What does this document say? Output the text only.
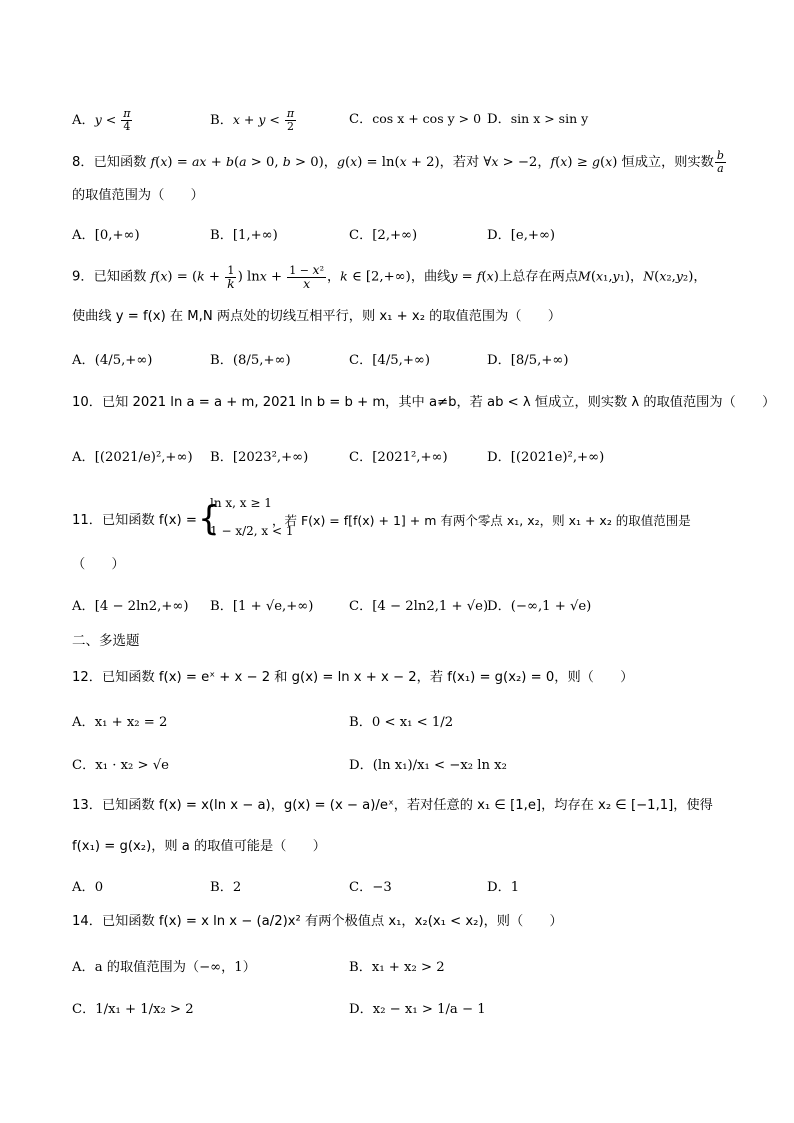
A．$y < \frac{\pi}{4}$	B．$x + y < \frac{\pi}{2}$	C．cos x + cos y > 0 D．sin x > sin y
8．已知函数 f(x) = ax + b(a > 0, b > 0)，g(x) = ln(x + 2)，若对 ∀x > −2，f(x) ≥ g(x) 恒成立，则实数 $\frac{b}{a}$
的取值范围为（　　）
A．[0,+∞)	B．[1,+∞)	C．[2,+∞)	D．[e,+∞)
9．已知函数 $f(x) = (k + \frac{1}{k}$ ) $\ln x + \frac{\text{1 − x²}}{x}$ ，k ∈ [2,+∞)，曲线y = f(x)上总存在两点M(x₁,y₁)，N(x₂,y₂)，
使曲线 y = f(x) 在 M,N 两点处的切线互相平行，则 x₁ + x₂ 的取值范围为（　　）
A．(4/5,+∞)	B．(8/5,+∞)	C．[4/5,+∞)	D．[8/5,+∞)
10．已知 2021 ln a = a + m, 2021 ln b = b + m，其中 a≠b，若 ab < λ 恒成立，则实数 λ 的取值范围为（　　）
A．[(2021/e)²,+∞) B．[2023²,+∞)	C．[2021²,+∞)	D．[(2021e)²,+∞)
11．已知函数 f(x) = {
ln x, x ≥ 1
1 − x/2, x < 1
，若 F(x) = f[f(x) + 1] + m 有两个零点 x₁, x₂，则 x₁ + x₂ 的取值范围是
（　　）
A．[4 − 2ln2,+∞) B．[1 + √e,+∞)	C．[4 − 2ln2,1 + √e)
D．(−∞,1 + √e)
二、多选题
12．已知函数 f(x) = eˣ + x − 2 和 g(x) = ln x + x − 2，若 f(x₁) = g(x₂) = 0，则（　　）
A．x₁ + x₂ = 2	B．0 < x₁ < 1/2
C．x₁ · x₂ > √e	D．(ln x₁)/x₁ < −x₂ ln x₂
13．已知函数 f(x) = x(ln x − a)，g(x) = (x − a)/eˣ，若对任意的 x₁ ∈ [1,e]，均存在 x₂ ∈ [−1,1]，使得
f(x₁) = g(x₂)，则 a 的取值可能是（　　）
A．0	B．2	C．−3	D．1
14．已知函数 f(x) = x ln x − (a/2)x² 有两个极值点 x₁，x₂(x₁ < x₂)，则（　　）
A．a 的取值范围为（−∞，1）	B．x₁ + x₂ > 2
C．1/x₁ + 1/x₂ > 2	D．x₂ − x₁ > 1/a − 1
